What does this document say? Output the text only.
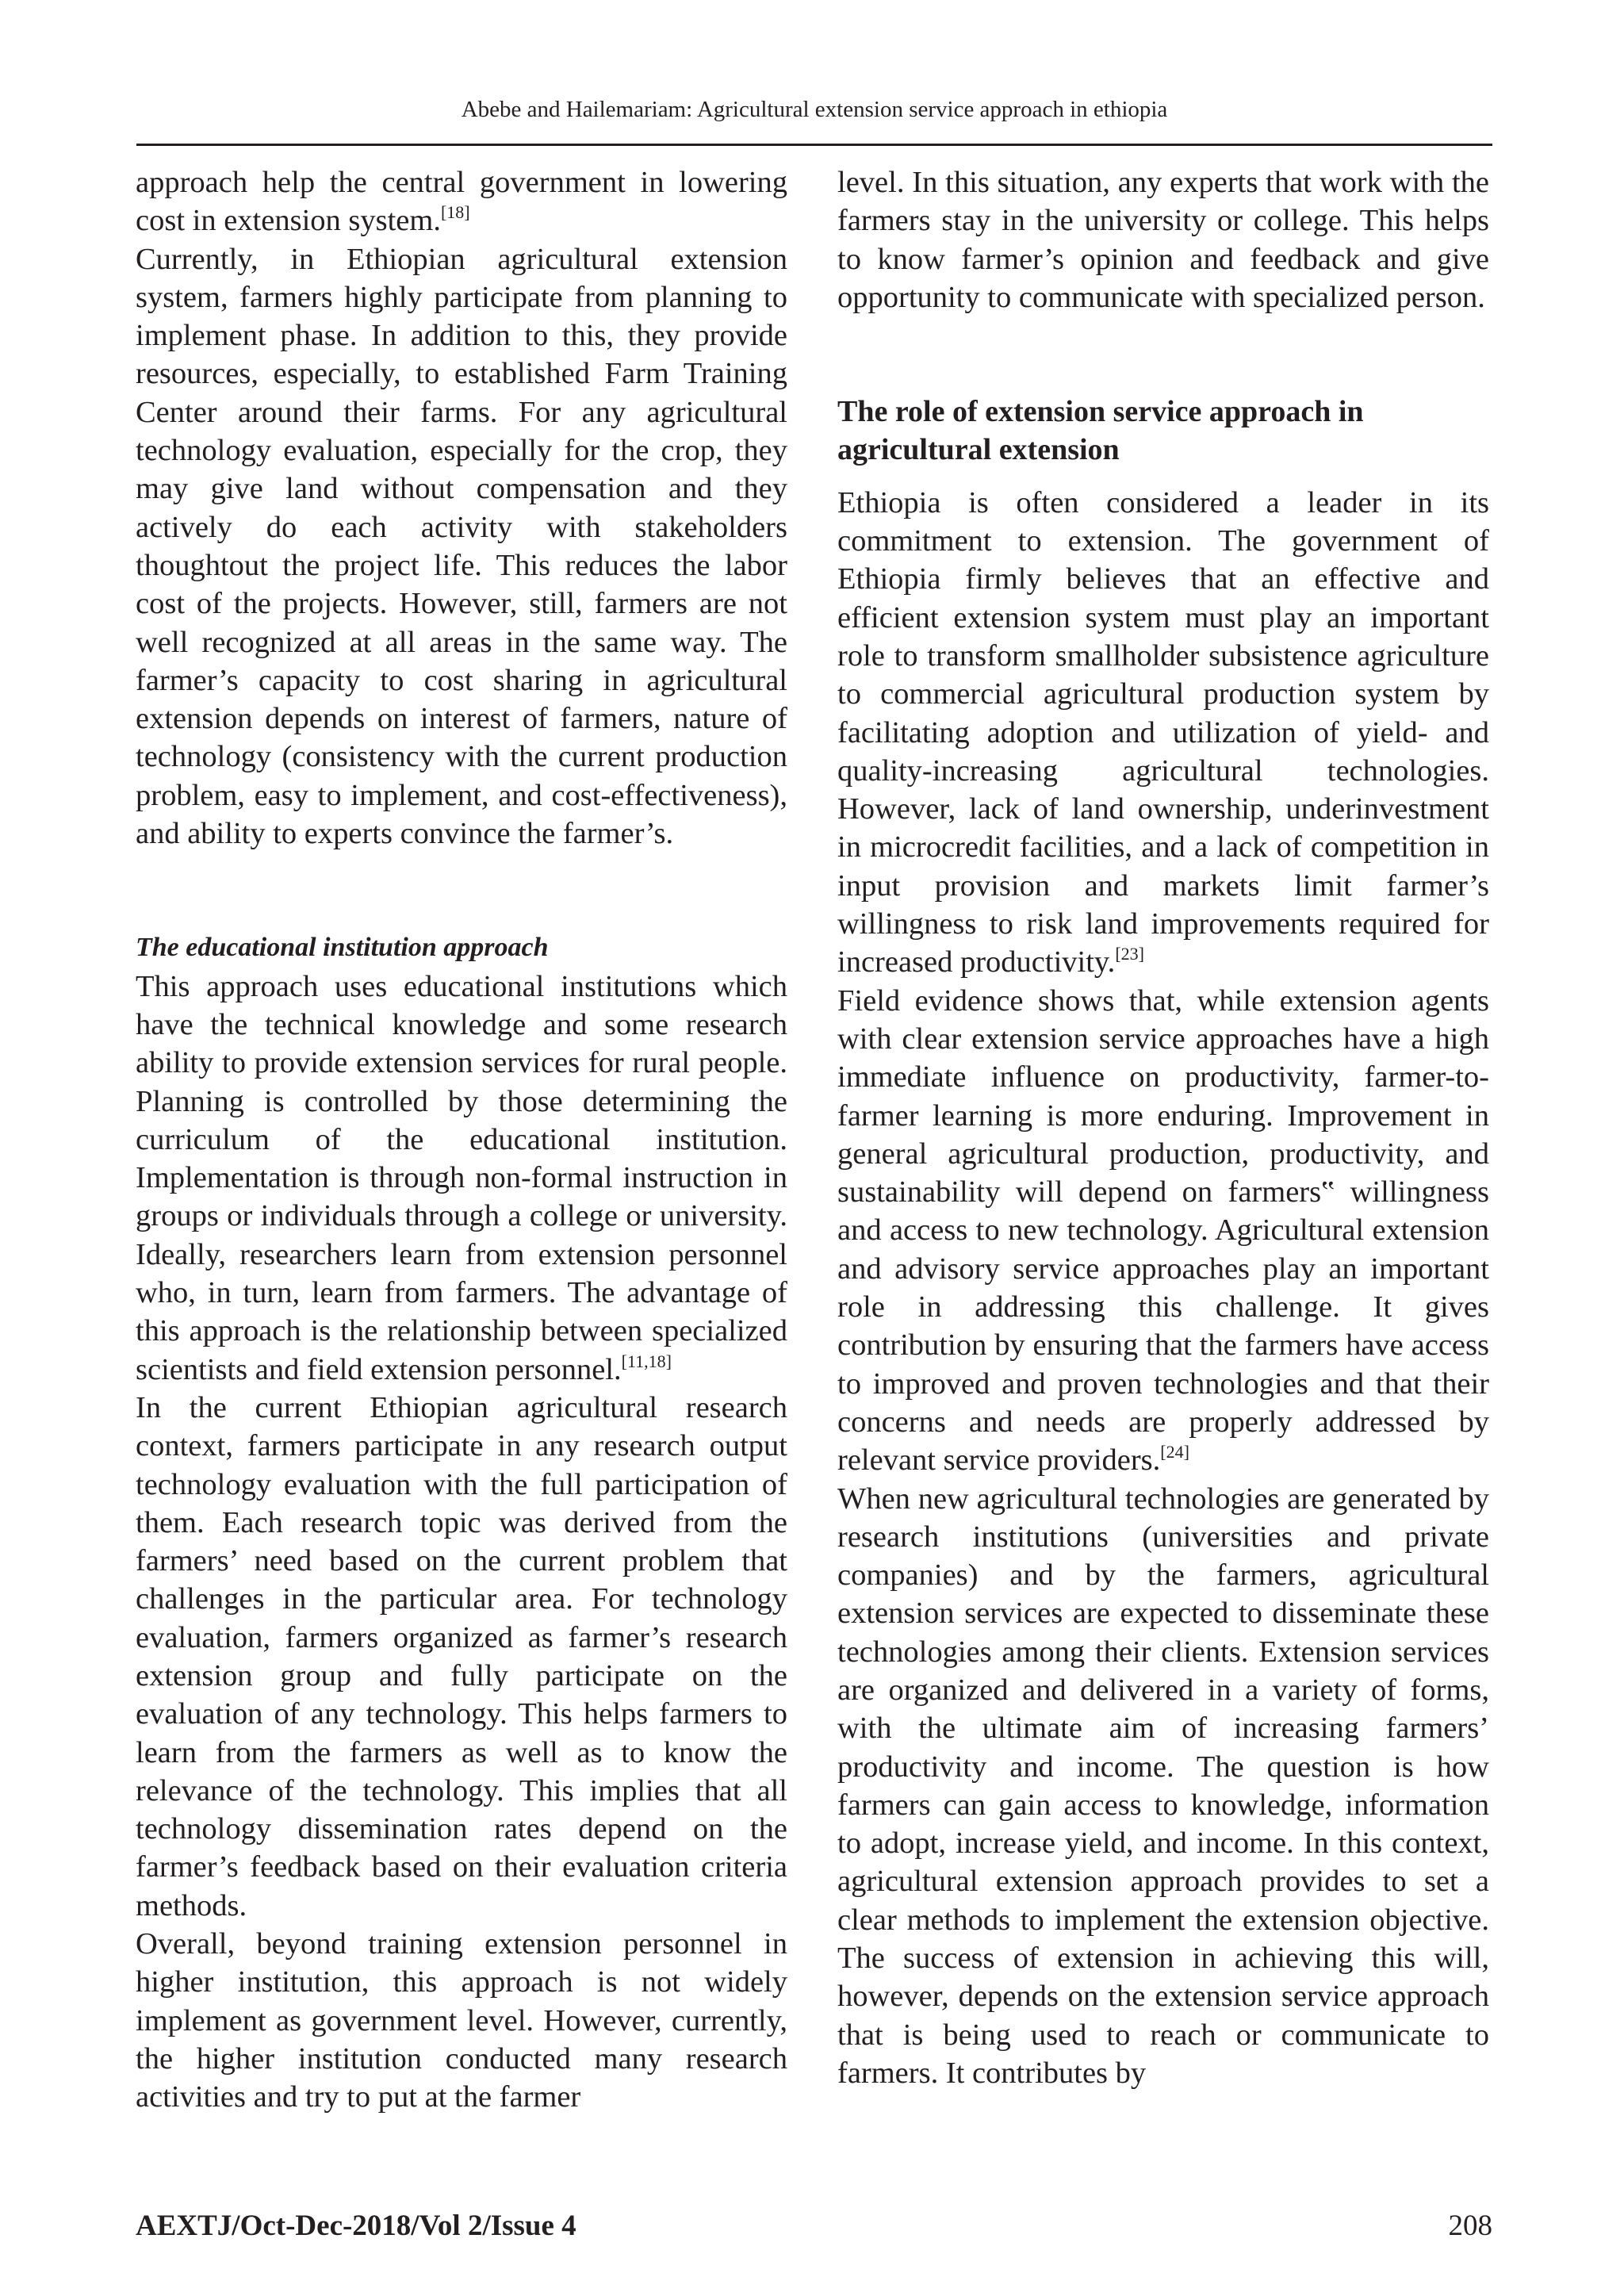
Abebe and Hailemariam: Agricultural extension service approach in ethiopia

approach help the central government in lowering cost in extension system.[18]

Currently, in Ethiopian agricultural extension system, farmers highly participate from planning to implement phase. In addition to this, they provide resources, especially, to established Farm Training Center around their farms. For any agricultural technology evaluation, especially for the crop, they may give land without compensation and they actively do each activity with stakeholders thoughtout the project life. This reduces the labor cost of the projects. However, still, farmers are not well recognized at all areas in the same way. The farmer’s capacity to cost sharing in agricultural extension depends on interest of farmers, nature of technology (consistency with the current production problem, easy to implement, and cost-effectiveness), and ability to experts convince the farmer’s.

The educational institution approach

This approach uses educational institutions which have the technical knowledge and some research ability to provide extension services for rural people. Planning is controlled by those determining the curriculum of the educational institution. Implementation is through non-formal instruction in groups or individuals through a college or university. Ideally, researchers learn from extension personnel who, in turn, learn from farmers. The advantage of this approach is the relationship between specialized scientists and field extension personnel.[11,18]

In the current Ethiopian agricultural research context, farmers participate in any research output technology evaluation with the full participation of them. Each research topic was derived from the farmers’ need based on the current problem that challenges in the particular area. For technology evaluation, farmers organized as farmer’s research extension group and fully participate on the evaluation of any technology. This helps farmers to learn from the farmers as well as to know the relevance of the technology. This implies that all technology dissemination rates depend on the farmer’s feedback based on their evaluation criteria methods.

Overall, beyond training extension personnel in higher institution, this approach is not widely implement as government level. However, currently, the higher institution conducted many research activities and try to put at the farmer

level. In this situation, any experts that work with the farmers stay in the university or college. This helps to know farmer’s opinion and feedback and give opportunity to communicate with specialized person.

The role of extension service approach in
agricultural extension

Ethiopia is often considered a leader in its commitment to extension. The government of Ethiopia firmly believes that an effective and efficient extension system must play an important role to transform smallholder subsistence agriculture to commercial agricultural production system by facilitating adoption and utilization of yield- and quality-increasing agricultural technologies. However, lack of land ownership, underinvestment in microcredit facilities, and a lack of competition in input provision and markets limit farmer’s willingness to risk land improvements required for increased productivity.[23]

Field evidence shows that, while extension agents with clear extension service approaches have a high immediate influence on productivity, farmer-to-farmer learning is more enduring. Improvement in general agricultural production, productivity, and sustainability will depend on farmers‟ willingness and access to new technology. Agricultural extension and advisory service approaches play an important role in addressing this challenge. It gives contribution by ensuring that the farmers have access to improved and proven technologies and that their concerns and needs are properly addressed by relevant service providers.[24]

When new agricultural technologies are generated by research institutions (universities and private companies) and by the farmers, agricultural extension services are expected to disseminate these technologies among their clients. Extension services are organized and delivered in a variety of forms, with the ultimate aim of increasing farmers’ productivity and income. The question is how farmers can gain access to knowledge, information to adopt, increase yield, and income. In this context, agricultural extension approach provides to set a clear methods to implement the extension objective. The success of extension in achieving this will, however, depends on the extension service approach that is being used to reach or communicate to farmers. It contributes by

AEXTJ/Oct-Dec-2018/Vol 2/Issue 4	208
